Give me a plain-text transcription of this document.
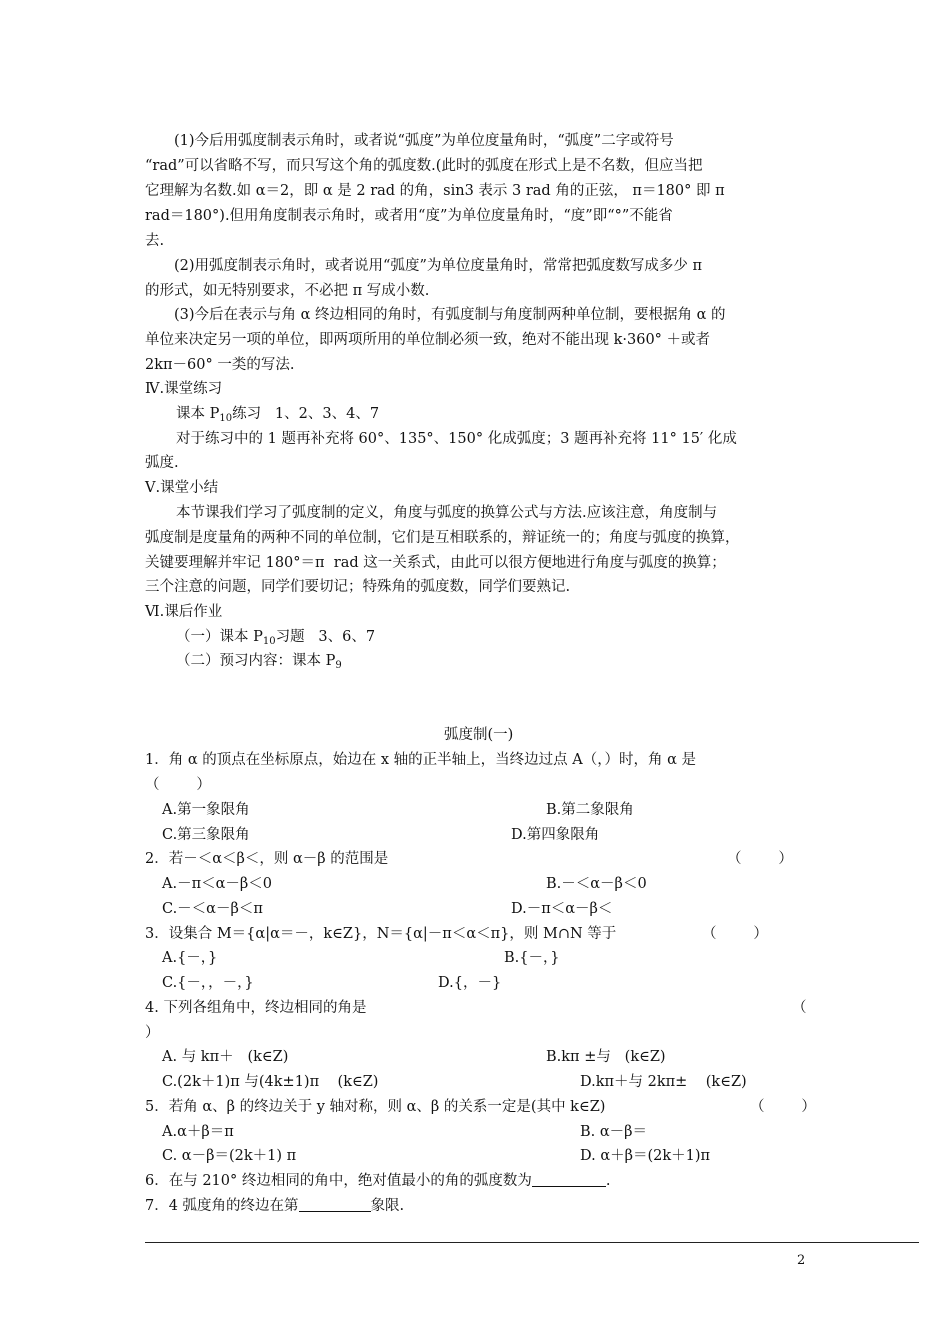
(1)今后用弧度制表示角时，或者说“弧度”为单位度量角时，“弧度”二字或符号
“rad”可以省略不写，而只写这个角的弧度数.(此时的弧度在形式上是不名数，但应当把
它理解为名数.如 α＝2，即 α 是 2 rad 的角，sin3 表示 3 rad 角的正弦， π＝180° 即 π
rad＝180°).但用角度制表示角时，或者用“度”为单位度量角时，“度”即“°”不能省
去.
(2)用弧度制表示角时，或者说用“弧度”为单位度量角时，常常把弧度数写成多少 π
的形式，如无特别要求，不必把 π 写成小数.
(3)今后在表示与角 α 终边相同的角时，有弧度制与角度制两种单位制，要根据角 α 的
单位来决定另一项的单位，即两项所用的单位制必须一致，绝对不能出现 k·360° ＋或者
2kπ－60° 一类的写法.
Ⅳ.课堂练习
课本 $P_{10}$练习   1、2、3、4、7
对于练习中的 1 题再补充将 60°、135°、150° 化成弧度；3 题再补充将 11° 15′ 化成
弧度.
Ⅴ.课堂小结
本节课我们学习了弧度制的定义，角度与弧度的换算公式与方法.应该注意，角度制与
弧度制是度量角的两种不同的单位制，它们是互相联系的，辩证统一的；角度与弧度的换算，
关键要理解并牢记 180°＝π  rad 这一关系式，由此可以很方便地进行角度与弧度的换算；
三个注意的问题，同学们要切记；特殊角的弧度数，同学们要熟记.
Ⅵ.课后作业
（一）课本 $P_{10}$习题   3、6、7
（二）预习内容：课本 $P_9$
弧度制(一)
1．角 α 的顶点在坐标原点，始边在 x 轴的正半轴上，当终边过点 A（，）时，角 α 是
（        ）
A.第一象限角	B.第二象限角
C.第三象限角	D.第四象限角
2．若－＜α＜β＜，则 α－β 的范围是	（        ）
A.－π＜α－β＜0	B.－＜α－β＜0
C.－＜α－β＜π	D.－π＜α－β＜
3．设集合 M＝{α|α＝－，k∈Z}，N＝{α|－π＜α＜π}，则 M∩N 等于	（        ）
A.{－，}	B.{－，}
C.{－，，－，}	D.{，－}
4. 下列各组角中，终边相同的角是	（
）
A. 与 kπ＋   (k∈Z)	B.kπ ±与   (k∈Z)
C.(2k＋1)π 与(4k±1)π    (k∈Z)	D.kπ＋与 2kπ±    (k∈Z)
5．若角 α、β 的终边关于 y 轴对称，则 α、β 的关系一定是(其中 k∈Z)	（        ）
A.α＋β＝π	B. α－β＝
C. α－β＝(2k＋1) π	D. α＋β＝(2k＋1)π
6．在与 210° 终边相同的角中，绝对值最小的角的弧度数为	.
7．4 弧度角的终边在第	象限.
2
